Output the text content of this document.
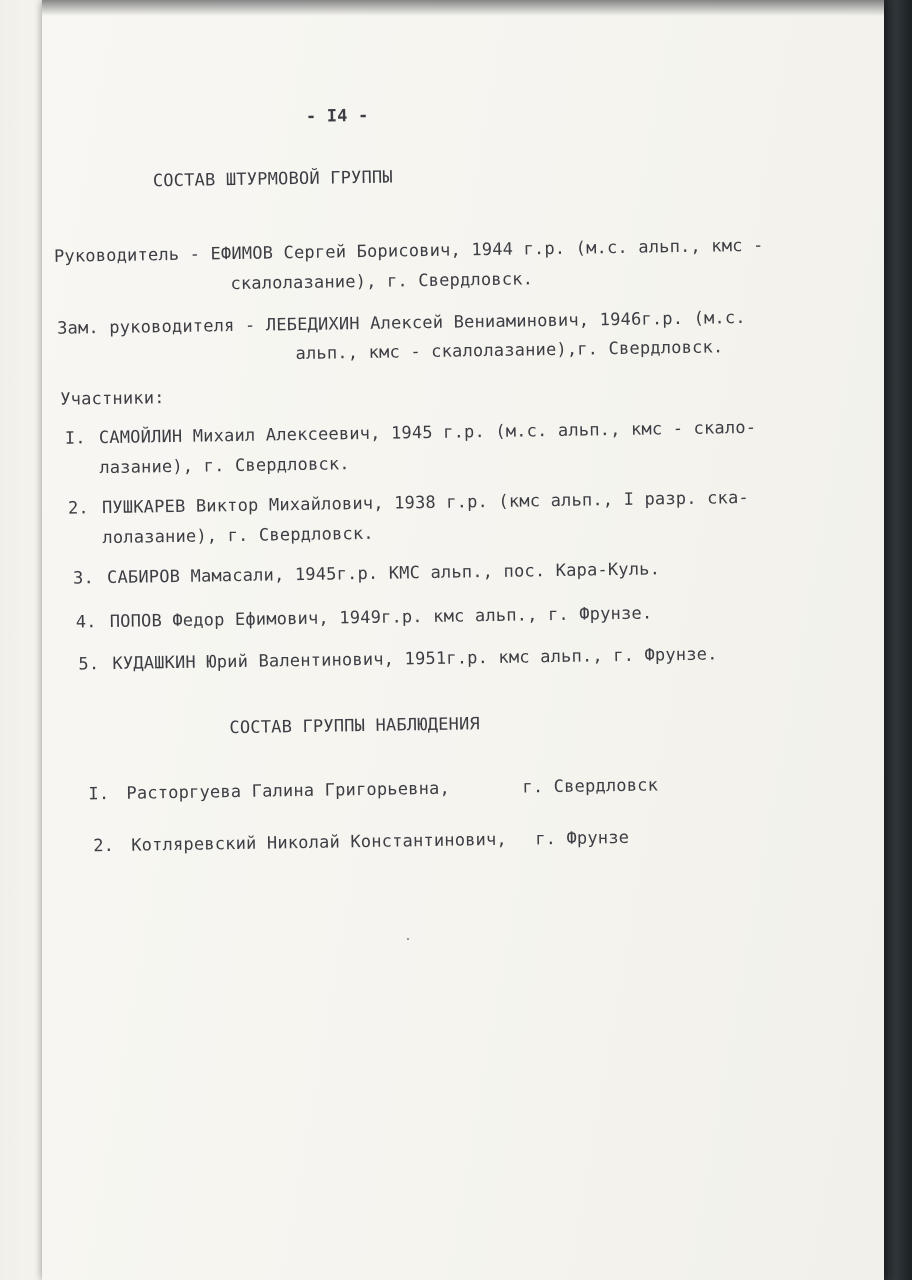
- I4 -
СОСТАВ ШТУРМОВОЙ ГРУППЫ
Руководитель - ЕФИМОВ Сергей Борисович, 1944 г.р. (м.с. альп., кмс -
скалолазание), г. Свердловск.
Зам. руководителя - ЛЕБЕДИХИН Алексей Вениаминович, 1946г.р. (м.с.
альп., кмс - скалолазание),г. Свердловск.
Участники:
I. САМОЙЛИН Михаил Алексеевич, 1945 г.р. (м.с. альп., кмс - скало-
лазание), г. Свердловск.
2. ПУШКАРЕВ Виктор Михайлович, 1938 г.р. (кмс альп., I разр. ска-
лолазание), г. Свердловск.
3. САБИРОВ Мамасали, 1945г.р. КМС альп., пос. Кара-Куль.
4. ПОПОВ Федор Ефимович, 1949г.р. кмс альп., г. Фрунзе.
5. КУДАШКИН Юрий Валентинович, 1951г.р. кмс альп., г. Фрунзе.
СОСТАВ ГРУППЫ НАБЛЮДЕНИЯ
I. Расторгуева Галина Григорьевна,	г. Свердловск
2. Котляревский Николай Константинович, г. Фрунзе
